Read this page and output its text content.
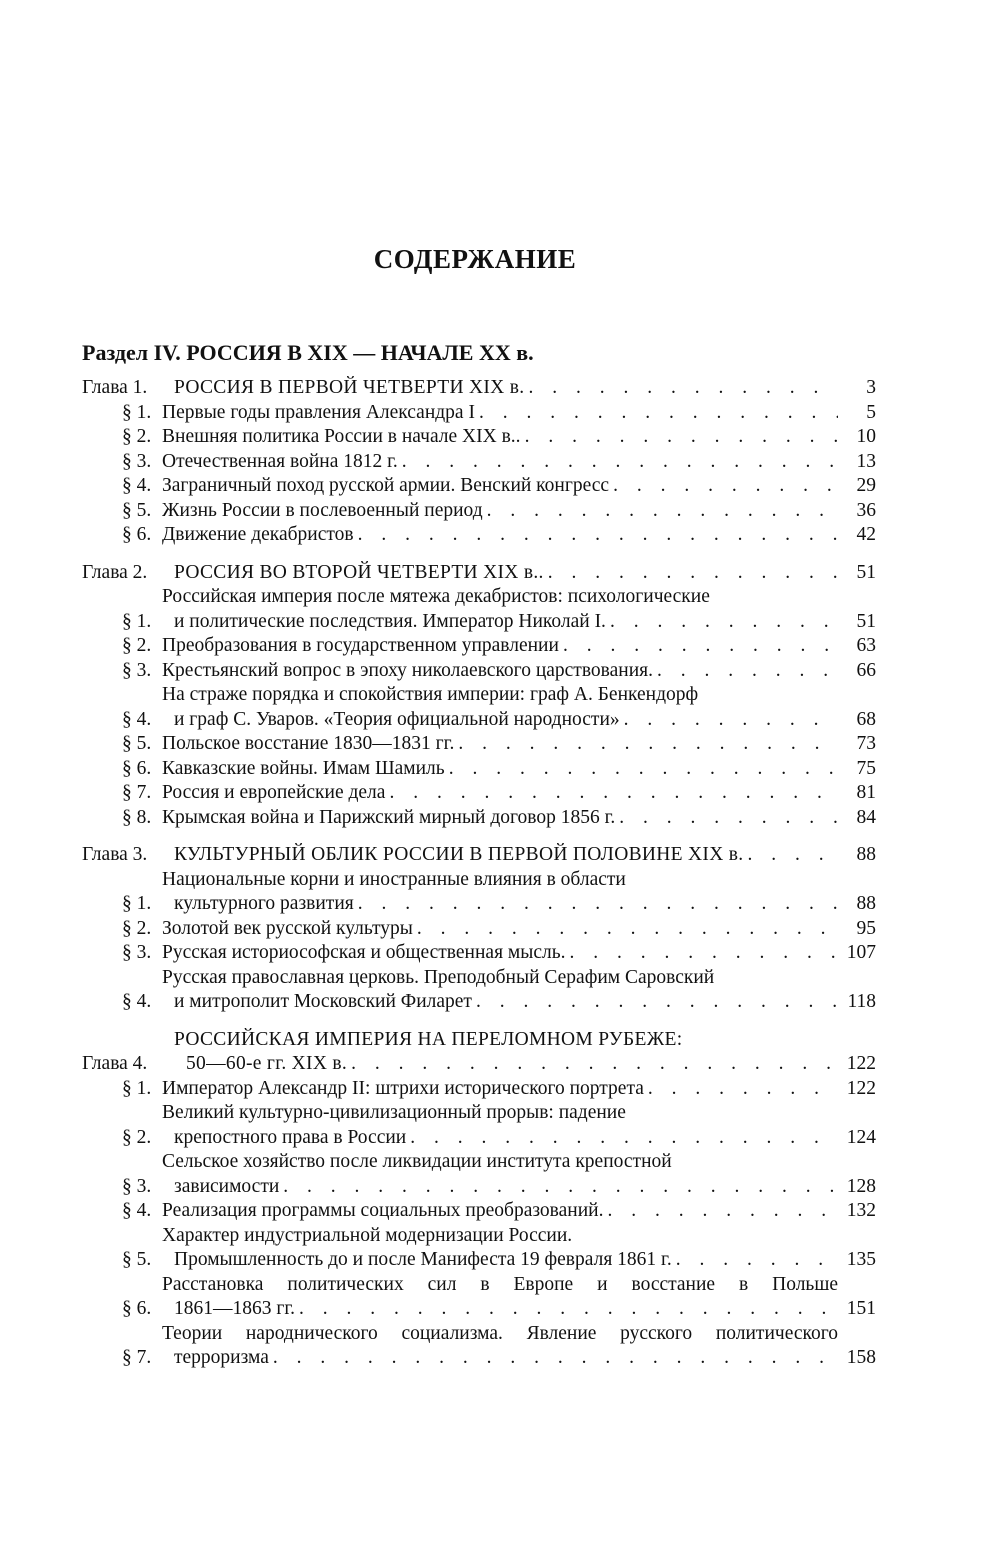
СОДЕРЖАНИЕ
Раздел IV. РОССИЯ В XIX — НАЧАЛЕ XX в.
Глава 1.	РОССИЯ В ПЕРВОЙ ЧЕТВЕРТИ XIX в. . . .	3
§ 1. Первые годы правления Александра I . . .	5
§ 2. Внешняя политика России в начале XIX в.. . . .	10
§ 3. Отечественная война 1812 г. . . .	13
§ 4. Заграничный поход русской армии. Венский конгресс . . .	29
§ 5. Жизнь России в послевоенный период . . .	36
§ 6. Движение декабристов . . .	42
Глава 2.	РОССИЯ ВО ВТОРОЙ ЧЕТВЕРТИ XIX в.. . . .	51
§ 1.
Российская империя после мятежа декабристов: психологические
и политические последствия. Император Николай I. . . .	51
§ 2. Преобразования в государственном управлении . . .	63
§ 3. Крестьянский вопрос в эпоху николаевского царствования. . . .	66
§ 4.
На страже порядка и спокойствия империи: граф А. Бенкендорф
и граф С. Уваров. «Теория официальной народности» . . .	68
§ 5. Польское восстание 1830—1831 гг. . . .	73
§ 6. Кавказские войны. Имам Шамиль . . .	75
§ 7. Россия и европейские дела . . .	81
§ 8. Крымская война и Парижский мирный договор 1856 г. . . .	84
Глава 3.	КУЛЬТУРНЫЙ ОБЛИК РОССИИ В ПЕРВОЙ ПОЛОВИНЕ XIX в. . . .	88
§ 1.
Национальные корни и иностранные влияния в области
культурного развития . . .	88
§ 2. Золотой век русской культуры . . .	95
§ 3. Русская историософская и общественная мысль. . . .	107
§ 4.
Русская православная церковь. Преподобный Серафим Саровский
и митрополит Московский Филарет . . .	118
Глава 4.
РОССИЙСКАЯ ИМПЕРИЯ НА ПЕРЕЛОМНОМ РУБЕЖЕ:
50—60-е гг. XIX в. . . .	122
§ 1. Император Александр II: штрихи исторического портрета . . .	122
§ 2.
Великий культурно-цивилизационный прорыв: падение
крепостного права в России . . .	124
§ 3.
Сельское хозяйство после ликвидации института крепостной
зависимости . . .	128
§ 4. Реализация программы социальных преобразований. . . .	132
§ 5.
Характер индустриальной модернизации России.
Промышленность до и после Манифеста 19 февраля 1861 г. . . .	135
§ 6.
Расстановка политических сил в Европе и восстание в Польше
1861—1863 гг. . . .	151
§ 7.
Теории народнического социализма. Явление русского политического
терроризма . . .	158
